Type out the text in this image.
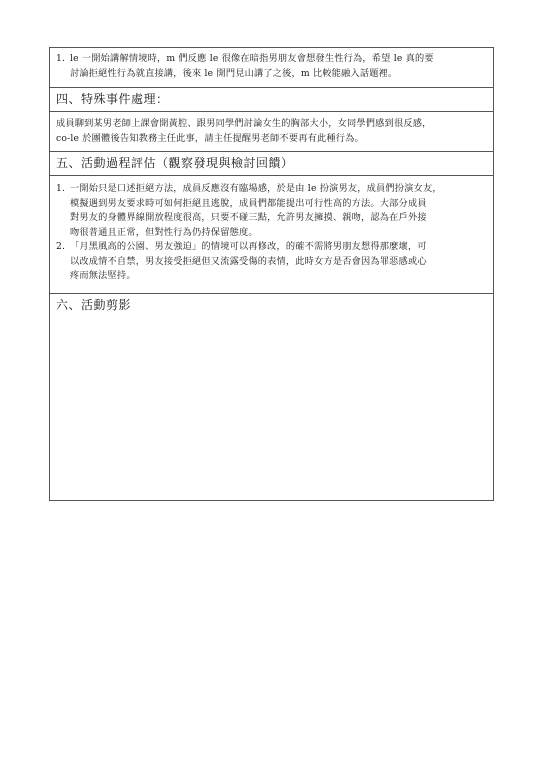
1. le 一開始講解情境時，m 們反應 le 很像在暗指男朋友會想發生性行為，希望 le 真的要
討論拒絕性行為就直接講，後來 le 開門見山講了之後，m 比較能融入話題裡。
四、特殊事件處理：
成員聊到某男老師上課會開黃腔、跟男同學們討論女生的胸部大小，女同學們感到很反感，
co-le 於團體後告知教務主任此事，請主任提醒男老師不要再有此種行為。
五、活動過程評估（觀察發現與檢討回饋）
1. 一開始只是口述拒絕方法，成員反應沒有臨場感，於是由 le 扮演男友，成員們扮演女友，
模擬遇到男友要求時可如何拒絕且逃脫，成員們都能提出可行性高的方法。大部分成員
對男友的身體界線開放程度很高，只要不碰三點，允許男友擁摸、親吻，認為在戶外接
吻很普通且正常，但對性行為仍持保留態度。
2. 「月黑風高的公園、男友強迫」的情境可以再修改，的確不需將男朋友想得那麼壞，可
以改成情不自禁，男友接受拒絕但又流露受傷的表情，此時女方是否會因為罪惡感或心
疼而無法堅持。
六、活動剪影
